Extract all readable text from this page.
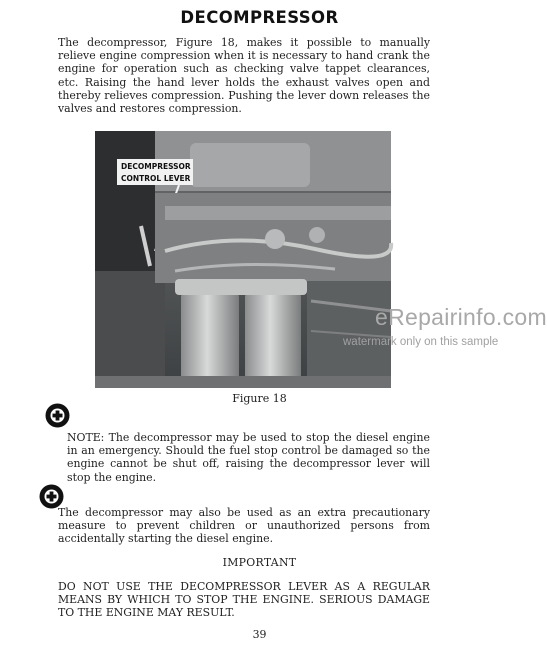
DECOMPRESSOR
The decompressor, Figure 18, makes it possible to manually relieve engine compression when it is necessary to hand crank the engine for operation such as checking valve tappet clearances, etc. Raising the hand lever holds the exhaust valves open and thereby relieves compression. Pushing the lever down releases the valves and restores compression.
DECOMPRESSOR
CONTROL LEVER
eRepairinfo.com
watermark only on this sample
Figure 18
NOTE: The decompressor may be used to stop the diesel engine in an emergency. Should the fuel stop control be damaged so the engine cannot be shut off, raising the decompressor lever will stop the engine.
The decompressor may also be used as an extra precautionary measure to prevent children or unauthorized persons from accidentally starting the diesel engine.
IMPORTANT
DO NOT USE THE DECOMPRESSOR LEVER AS A REGULAR MEANS BY WHICH TO STOP THE ENGINE. SERIOUS DAMAGE TO THE ENGINE MAY RESULT.
39
